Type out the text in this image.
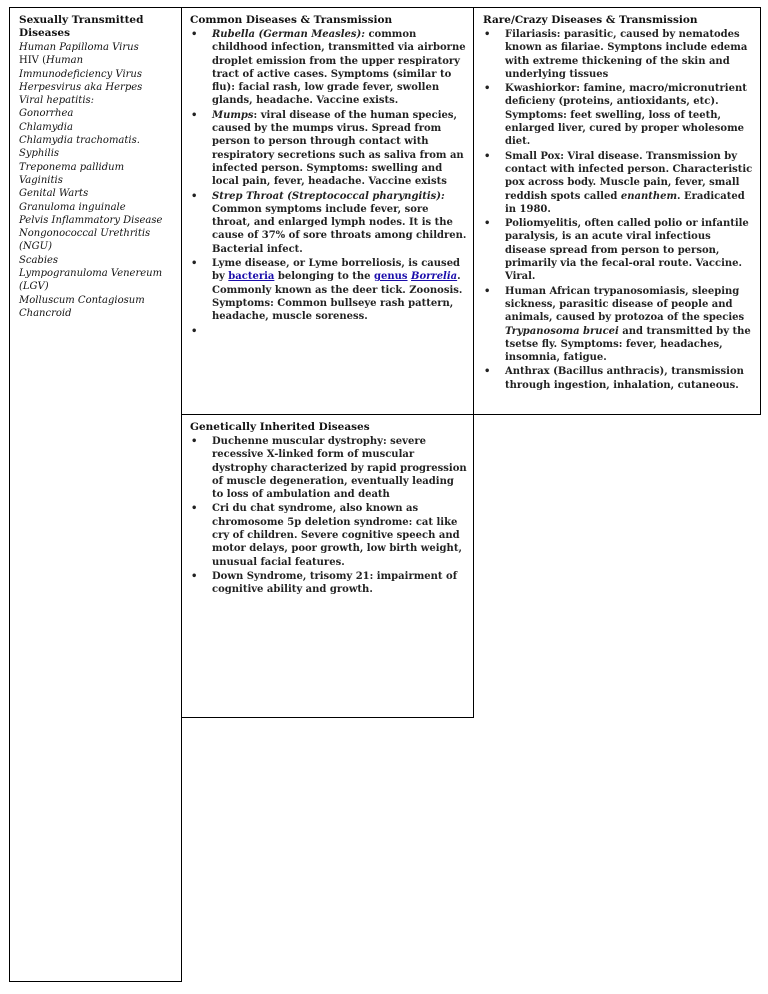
Sexually Transmitted Diseases
Human Papilloma Virus
HIV (Human Immunodeficiency Virus
Herpesvirus aka Herpes
Viral hepatitis:
Gonorrhea
Chlamydia
Chlamydia trachomatis.
Syphilis
Treponema pallidum
Vaginitis
Genital Warts
Granuloma inguinale
Pelvis Inflammatory Disease
Nongonococcal Urethritis (NGU)
Scabies
Lympogranuloma Venereum (LGV)
Molluscum Contagiosum
Chancroid
Common Diseases & Transmission
• Rubella (German Measles): common childhood infection, transmitted via airborne droplet emission from the upper respiratory tract of active cases. Symptoms (similar to flu): facial rash, low grade fever, swollen glands, headache. Vaccine exists.
• Mumps: viral disease of the human species, caused by the mumps virus. Spread from person to person through contact with respiratory secretions such as saliva from an infected person. Symptoms: swelling and local pain, fever, headache. Vaccine exists
• Strep Throat (Streptococcal pharyngitis): Common symptoms include fever, sore throat, and enlarged lymph nodes. It is the cause of 37% of sore throats among children. Bacterial infect.
• Lyme disease, or Lyme borreliosis, is caused by bacteria belonging to the genus Borrelia. Commonly known as the deer tick. Zoonosis. Symptoms: Common bullseye rash pattern, headache, muscle soreness.
Rare/Crazy Diseases & Transmission
• Filariasis: parasitic, caused by nematodes known as filariae. Symptons include edema with extreme thickening of the skin and underlying tissues
• Kwashiorkor: famine, macro/micronutrient deficieny (proteins, antioxidants, etc). Symptoms: feet swelling, loss of teeth, enlarged liver, cured by proper wholesome diet.
• Small Pox: Viral disease. Transmission by contact with infected person. Characteristic pox across body. Muscle pain, fever, small reddish spots called enanthem. Eradicated in 1980.
• Poliomyelitis, often called polio or infantile paralysis, is an acute viral infectious disease spread from person to person, primarily via the fecal-oral route. Vaccine. Viral.
• Human African trypanosomiasis, sleeping sickness, parasitic disease of people and animals, caused by protozoa of the species Trypanosoma brucei and transmitted by the tsetse fly. Symptoms: fever, headaches, insomnia, fatigue.
• Anthrax (Bacillus anthracis), transmission through ingestion, inhalation, cutaneous.
Genetically Inherited Diseases
• Duchenne muscular dystrophy: severe recessive X-linked form of muscular dystrophy characterized by rapid progression of muscle degeneration, eventually leading to loss of ambulation and death
• Cri du chat syndrome, also known as chromosome 5p deletion syndrome: cat like cry of children. Severe cognitive speech and motor delays, poor growth, low birth weight, unusual facial features.
• Down Syndrome, trisomy 21: impairment of cognitive ability and growth.
